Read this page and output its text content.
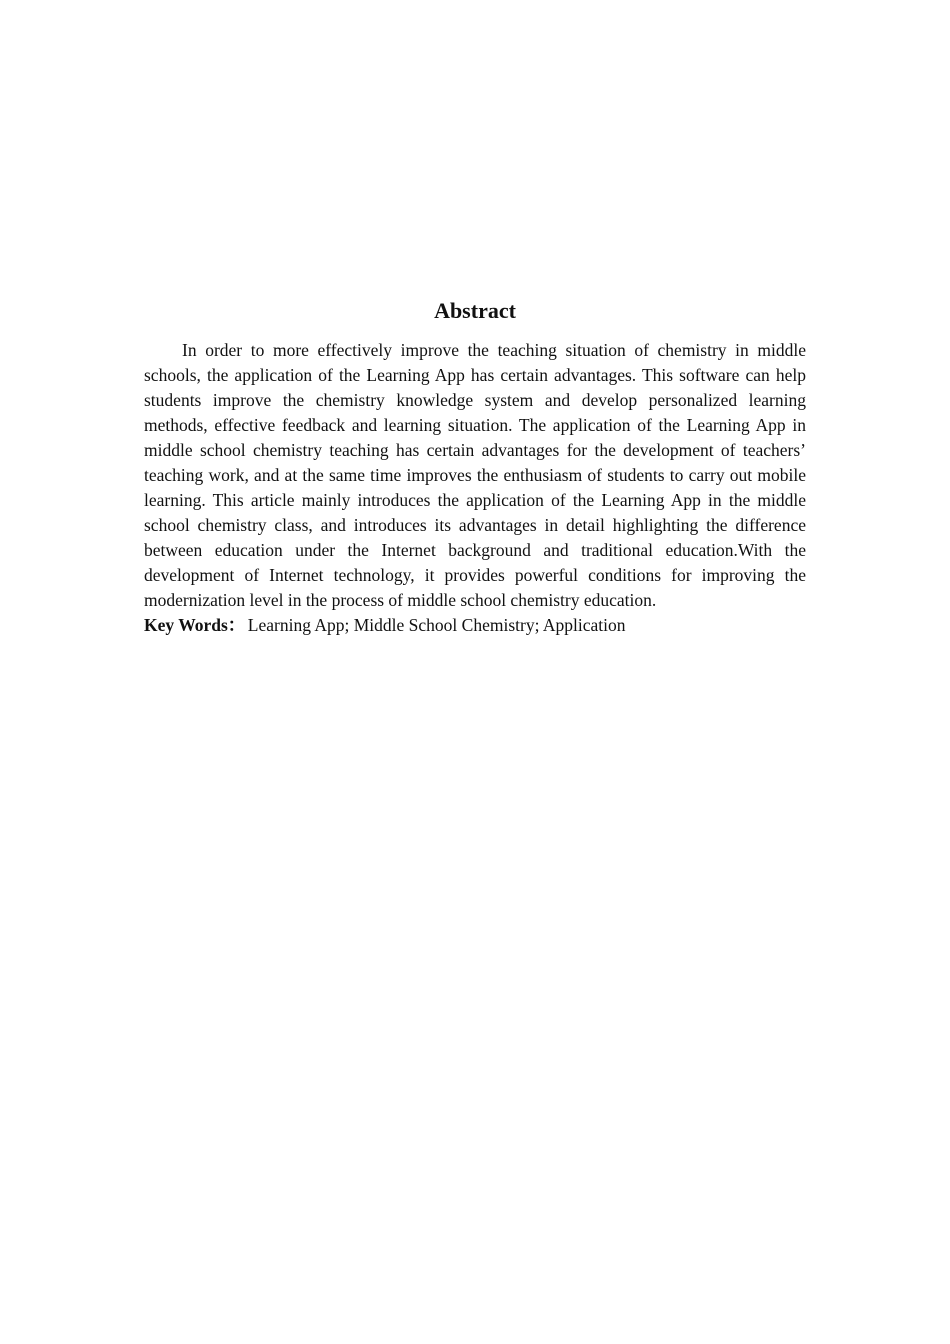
Abstract

In order to more effectively improve the teaching situation of chemistry in middle schools, the application of the Learning App has certain advantages. This software can help students improve the chemistry knowledge system and develop personalized learning methods, effective feedback and learning situation. The application of the Learning App in middle school chemistry teaching has certain advantages for the development of teachers’ teaching work, and at the same time improves the enthusiasm of students to carry out mobile learning. This article mainly introduces the application of the Learning App in the middle school chemistry class, and introduces its advantages in detail highlighting the difference between education under the Internet background and traditional education.With the development of Internet technology, it provides powerful conditions for improving the modernization level in the process of middle school chemistry education.

Key Words： Learning App; Middle School Chemistry; Application
